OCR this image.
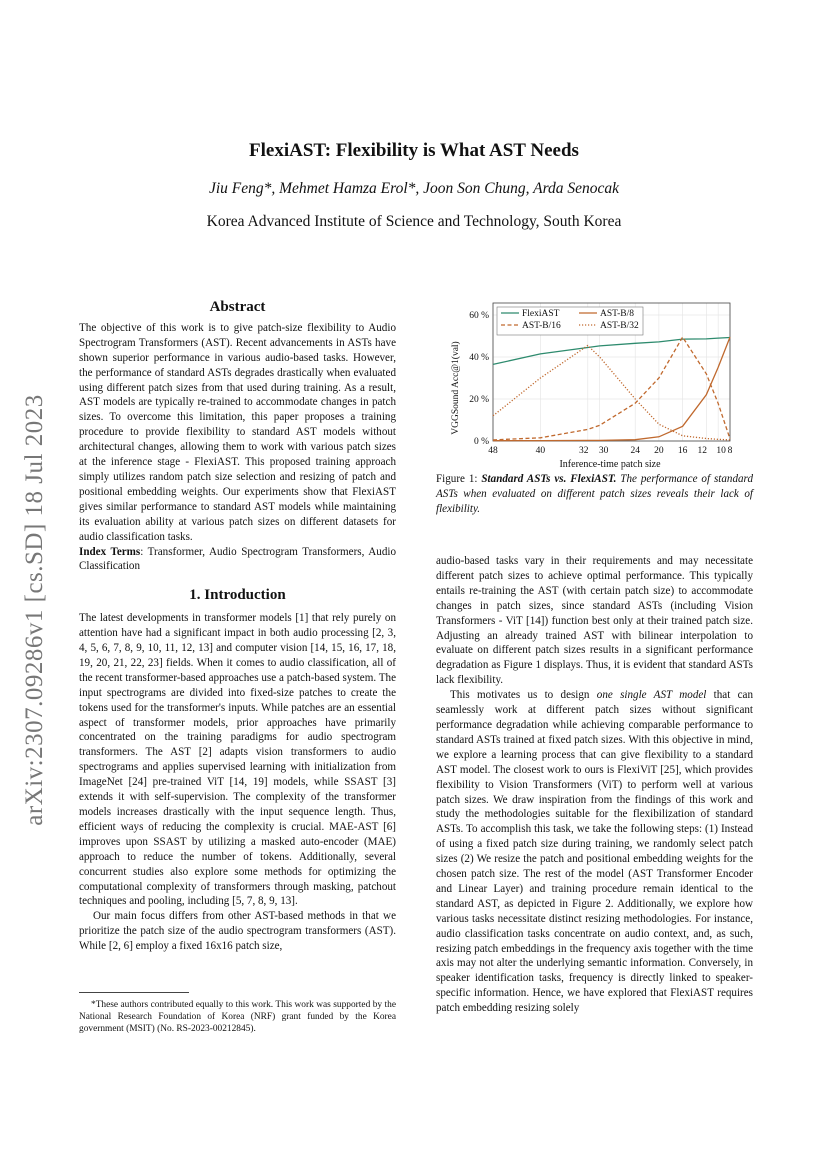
arXiv:2307.09286v1 [cs.SD] 18 Jul 2023
FlexiAST: Flexibility is What AST Needs
Jiu Feng*, Mehmet Hamza Erol*, Joon Son Chung, Arda Senocak
Korea Advanced Institute of Science and Technology, South Korea
Abstract

The objective of this work is to give patch-size flexibility to Audio Spectrogram Transformers (AST). Recent advancements in ASTs have shown superior performance in various audio-based tasks. However, the performance of standard ASTs degrades drastically when evaluated using different patch sizes from that used during training. As a result, AST models are typically re-trained to accommodate changes in patch sizes. To overcome this limitation, this paper proposes a training procedure to provide flexibility to standard AST models without architectural changes, allowing them to work with various patch sizes at the inference stage - FlexiAST. This proposed training approach simply utilizes random patch size selection and resizing of patch and positional embedding weights. Our experiments show that FlexiAST gives similar performance to standard AST models while maintaining its evaluation ability at various patch sizes on different datasets for audio classification tasks.

Index Terms: Transformer, Audio Spectrogram Transformers, Audio Classification

1. Introduction

The latest developments in transformer models [1] that rely purely on attention have had a significant impact in both audio processing [2, 3, 4, 5, 6, 7, 8, 9, 10, 11, 12, 13] and computer vision [14, 15, 16, 17, 18, 19, 20, 21, 22, 23] fields. When it comes to audio classification, all of the recent transformer-based approaches use a patch-based system. The input spectrograms are divided into fixed-size patches to create the tokens used for the transformer's inputs. While patches are an essential aspect of transformer models, prior approaches have primarily concentrated on the training paradigms for audio spectrogram transformers. The AST [2] adapts vision transformers to audio spectrograms and applies supervised learning with initialization from ImageNet [24] pre-trained ViT [14, 19] models, while SSAST [3] extends it with self-supervision. The complexity of the transformer models increases drastically with the input sequence length. Thus, efficient ways of reducing the complexity is crucial. MAE-AST [6] improves upon SSAST by utilizing a masked auto-encoder (MAE) approach to reduce the number of tokens. Additionally, several concurrent studies also explore some methods for optimizing the computational complexity of transformers through masking, patchout techniques and pooling, including [5, 7, 8, 9, 13].

Our main focus differs from other AST-based methods in that we prioritize the patch size of the audio spectrogram transformers (AST). While [2, 6] employ a fixed 16x16 patch size,

*These authors contributed equally to this work. This work was supported by the National Research Foundation of Korea (NRF) grant funded by the Korea government (MSIT) (No. RS-2023-00212845).

48	40	32 30 24 20 16 12 10 8
0 %
20 %
40 %
60 %
VGGSound Acc@1(val)
Inference-time patch size
FlexiAST	AST-B/8
AST-B/16	AST-B/32
Figure 1: Standard ASTs vs. FlexiAST. The performance of standard ASTs when evaluated on different patch sizes reveals their lack of flexibility.

audio-based tasks vary in their requirements and may necessitate different patch sizes to achieve optimal performance. This typically entails re-training the AST (with certain patch size) to accommodate changes in patch sizes, since standard ASTs (including Vision Transformers - ViT [14]) function best only at their trained patch size. Adjusting an already trained AST with bilinear interpolation to evaluate on different patch sizes results in a significant performance degradation as Figure 1 displays. Thus, it is evident that standard ASTs lack flexibility.

This motivates us to design one single AST model that can seamlessly work at different patch sizes without significant performance degradation while achieving comparable performance to standard ASTs trained at fixed patch sizes. With this objective in mind, we explore a learning process that can give flexibility to a standard AST model. The closest work to ours is FlexiViT [25], which provides flexibility to Vision Transformers (ViT) to perform well at various patch sizes. We draw inspiration from the findings of this work and study the methodologies suitable for the flexibilization of standard ASTs. To accomplish this task, we take the following steps: (1) Instead of using a fixed patch size during training, we randomly select patch sizes (2) We resize the patch and positional embedding weights for the chosen patch size. The rest of the model (AST Transformer Encoder and Linear Layer) and training procedure remain identical to the standard AST, as depicted in Figure 2. Additionally, we explore how various tasks necessitate distinct resizing methodologies. For instance, audio classification tasks concentrate on audio context, and, as such, resizing patch embeddings in the frequency axis together with the time axis may not alter the underlying semantic information. Conversely, in speaker identification tasks, frequency is directly linked to speaker-specific information. Hence, we have explored that FlexiAST requires patch embedding resizing solely
